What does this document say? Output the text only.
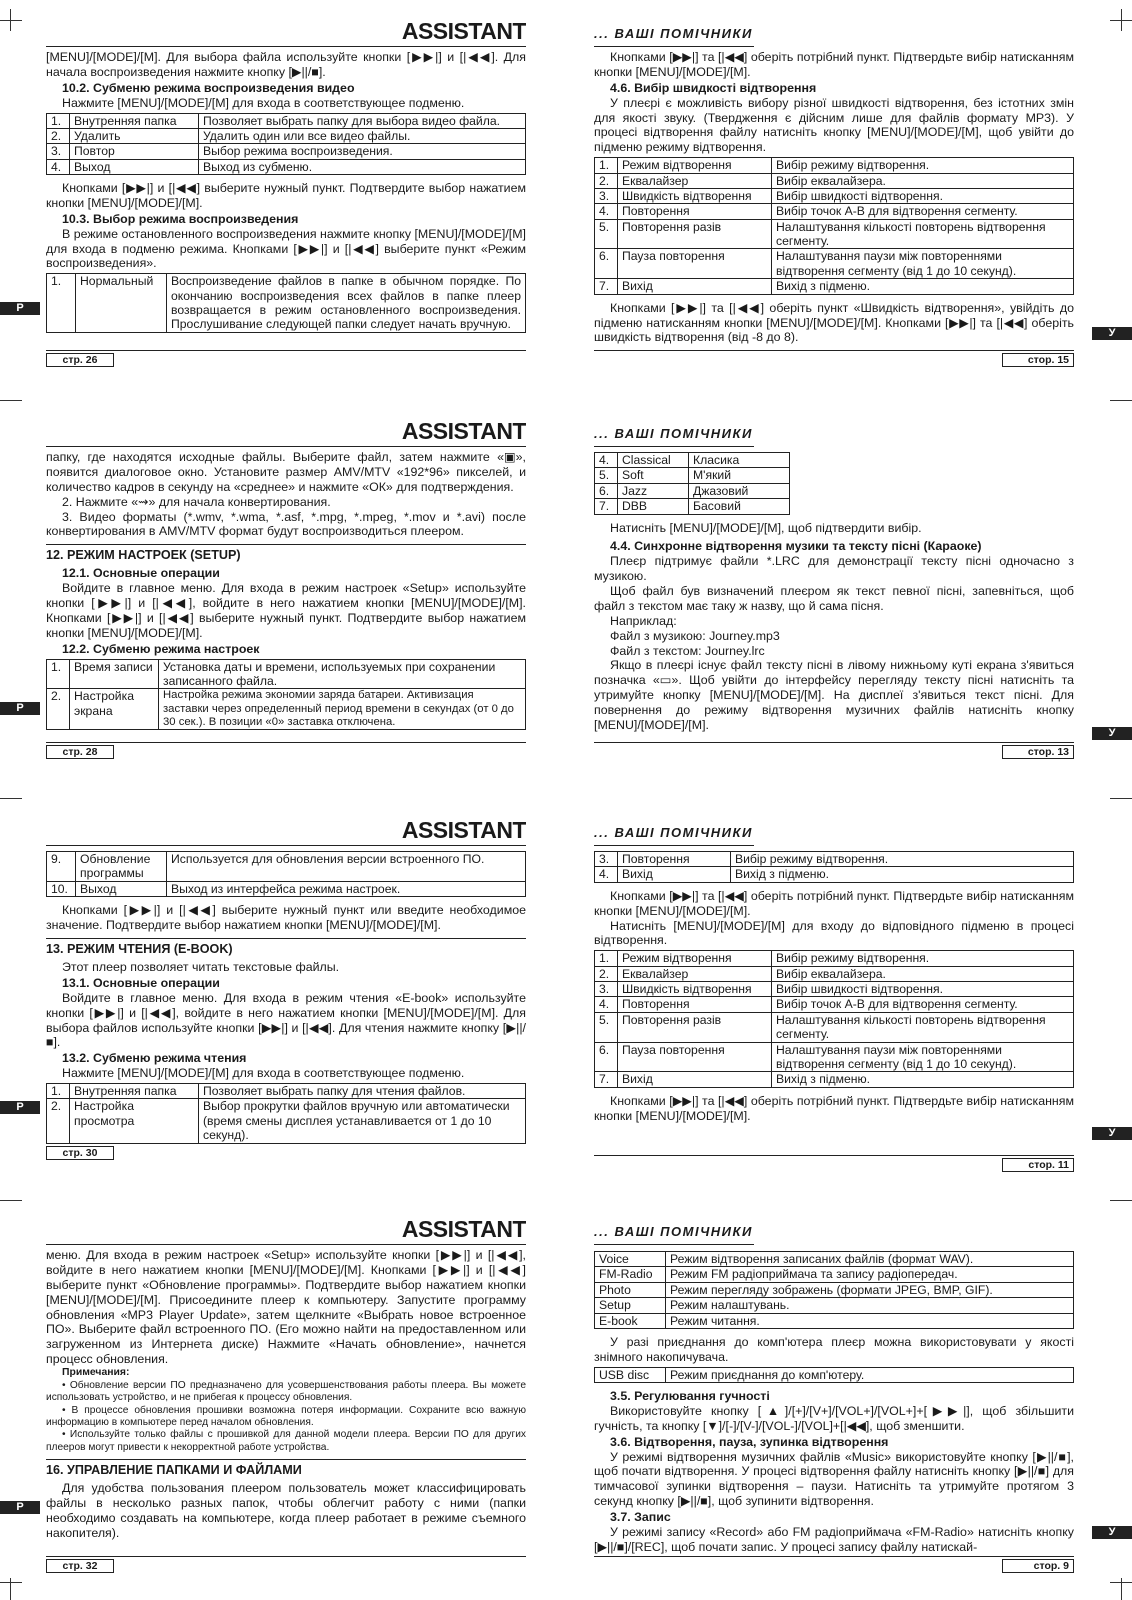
Р
Р
Р
Р
У
У
У
У
ASSISTANT

[MENU]/[MODE]/[M]. Для выбора файла используйте кнопки [▶▶|] и [|◀◀]. Для начала воспроизведения нажмите кнопку [▶||/■].

10.2. Субменю режима воспроизведения видео

Нажмите [MENU]/[MODE]/[M] для входа в соответствующее подменю.

1.	Внутренняя папка	Позволяет выбрать папку для выбора видео файла.
2.	Удалить	Удалить один или все видео файлы.
3.	Повтор	Выбор режима воспроизведения.
4.	Выход	Выход из субменю.

Кнопками [▶▶|] и [|◀◀] выберите нужный пункт. Подтвердите выбор нажатием кнопки [MENU]/[MODE]/[M].

10.3. Выбор режима воспроизведения

В режиме остановленного воспроизведения нажмите кнопку [MENU]/[MODE]/[M] для входа в подменю режима. Кнопками [▶▶|] и [|◀◀] выберите пункт «Режим воспроизведения».

1.	Нормальный	Воспроизведение файлов в папке в обычном порядке. По окончанию воспроизведения всех файлов в папке плеер возвращается в режим остановленного воспроизведения. Прослушивание следующей папки следует начать вручную.
стр. 26
... ВАШІ ПОМІЧНИКИ

Кнопками [▶▶|] та [|◀◀] оберіть потрібний пункт. Підтвердьте вибір натисканням кнопки [MENU]/[MODE]/[M].

4.6. Вибір швидкості відтворення

У плеєрі є можливість вибору різної швидкості відтворення, без істотних змін для якості звуку. (Твердження є дійсним лише для файлів формату MP3). У процесі відтворення файлу натисніть кнопку [MENU]/[MODE]/[M], щоб увійти до підменю режиму відтворення.

1.	Режим відтворення	Вибір режиму відтворення.
2.	Еквалайзер	Вибір еквалайзера.
3.	Швидкість відтворення	Вибір швидкості відтворення.
4.	Повторення	Вибір точок A-B для відтворення сегменту.
5.	Повторення разів	Налаштування кількості повторень відтворення сегменту.
6.	Пауза повторення	Налаштування паузи між повтореннями відтворення сегменту (від 1 до 10 секунд).
7.	Вихід	Вихід з підменю.

Кнопками [▶▶|] та [|◀◀] оберіть пункт «Швидкість відтворення», увійдіть до підменю натисканням кнопки [MENU]/[MODE]/[M]. Кнопками [▶▶|] та [|◀◀] оберіть швидкість відтворення (від -8 до 8).

стор. 15
ASSISTANT

папку, где находятся исходные файлы. Выберите файл, затем нажмите «▣», появится диалоговое окно. Установите размер AMV/MTV «192*96» пикселей, и количество кадров в секунду на «среднее» и нажмите «ОК» для подтверждения.

2. Нажмите «⇝» для начала конвертирования.

3. Видео форматы (*.wmv, *.wma, *.asf, *.mpg, *.mpeg, *.mov и *.avi) после конвертирования в AMV/MTV формат будут воспроизводиться плеером.

12. РЕЖИМ НАСТРОЕК (SETUP)
12.1. Основные операции

Войдите в главное меню. Для входа в режим настроек «Setup» используйте кнопки [▶▶|] и [|◀◀], войдите в него нажатием кнопки [MENU]/[MODE]/[M]. Кнопками [▶▶|] и [|◀◀] выберите нужный пункт. Подтвердите выбор нажатием кнопки [MENU]/[MODE]/[M].

12.2. Субменю режима настроек
1.	Время записи	Установка даты и времени, используемых при сохранении записанного файла.
2.	Настройка экрана	Настройка режима экономии заряда батареи. Активизация заставки через определенный период времени в секундах (от 0 до 30 сек.). В позиции «0» заставка отключена.
стр. 28
... ВАШІ ПОМІЧНИКИ
4.	Classical	Класика
5.	Soft	М'який
6.	Jazz	Джазовий
7.	DBB	Басовий

Натисніть [MENU]/[MODE]/[M], щоб підтвердити вибір.

4.4. Синхронне відтворення музики та тексту пісні (Караоке)

Плеєр підтримує файли *.LRC для демонстрації тексту пісні одночасно з музикою.

Щоб файл був визначений плеєром як текст певної пісні, запевніться, щоб файл з текстом має таку ж назву, що й сама пісня.

Наприклад:

Файл з музикою: Journey.mp3

Файл з текстом: Journey.lrc

Якщо в плеєрі існує файл тексту пісні в лівому нижньому куті екрана з'явиться позначка «▭». Щоб увійти до інтерфейсу перегляду тексту пісні натисніть та утримуйте кнопку [MENU]/[MODE]/[M]. На дисплеї з'явиться текст пісні. Для повернення до режиму відтворення музичних файлів натисніть кнопку [MENU]/[MODE]/[M].

стор. 13
ASSISTANT
9.	Обновление программы	Используется для обновления версии встроенного ПО.
10.	Выход	Выход из интерфейса режима настроек.

Кнопками [▶▶|] и [|◀◀] выберите нужный пункт или введите необходимое значение. Подтвердите выбор нажатием кнопки [MENU]/[MODE]/[M].

13. РЕЖИМ ЧТЕНИЯ (E-BOOK)

Этот плеер позволяет читать текстовые файлы.

13.1. Основные операции

Войдите в главное меню. Для входа в режим чтения «E-book» используйте кнопки [▶▶|] и [|◀◀], войдите в него нажатием кнопки [MENU]/[MODE]/[M]. Для выбора файлов используйте кнопки [▶▶|] и [|◀◀]. Для чтения нажмите кнопку [▶||/■].

13.2. Субменю режима чтения

Нажмите [MENU]/[MODE]/[M] для входа в соответствующее подменю.

1.	Внутренняя папка	Позволяет выбрать папку для чтения файлов.
2.	Настройка просмотра	Выбор прокрутки файлов вручную или автоматически (время смены дисплея устанавливается от 1 до 10 секунд).
стр. 30
... ВАШІ ПОМІЧНИКИ
3.	Повторення	Вибір режиму відтворення.
4.	Вихід	Вихід з підменю.

Кнопками [▶▶|] та [|◀◀] оберіть потрібний пункт. Підтвердьте вибір натисканням кнопки [MENU]/[MODE]/[M].

Натисніть [MENU]/[MODE]/[M] для входу до відповідного підменю в процесі відтворення.

1.	Режим відтворення	Вибір режиму відтворення.
2.	Еквалайзер	Вибір еквалайзера.
3.	Швидкість відтворення	Вибір швидкості відтворення.
4.	Повторення	Вибір точок A-B для відтворення сегменту.
5.	Повторення разів	Налаштування кількості повторень відтворення сегменту.
6.	Пауза повторення	Налаштування паузи між повтореннями відтворення сегменту (від 1 до 10 секунд).
7.	Вихід	Вихід з підменю.

Кнопками [▶▶|] та [|◀◀] оберіть потрібний пункт. Підтвердьте вибір натисканням кнопки [MENU]/[MODE]/[M].

стор. 11
ASSISTANT

меню. Для входа в режим настроек «Setup» используйте кнопки [▶▶|] и [|◀◀], войдите в него нажатием кнопки [MENU]/[MODE]/[M]. Кнопками [▶▶|] и [|◀◀] выберите пункт «Обновление программы». Подтвердите выбор нажатием кнопки [MENU]/[MODE]/[M]. Присоедините плеер к компьютеру. Запустите программу обновления «MP3 Player Update», затем щелкните «Выбрать новое встроенное ПО». Выберите файл встроенного ПО. (Его можно найти на предоставленном или загруженном из Интернета диске) Нажмите «Начать обновление», начнется процесс обновления.

Примечания:

• Обновление версии ПО предназначено для усовершенствования работы плеера. Вы можете использовать устройство, и не прибегая к процессу обновления.

• В процессе обновления прошивки возможна потеря информации. Сохраните всю важную информацию в компьютере перед началом обновления.

• Используйте только файлы с прошивкой для данной модели плеера. Версии ПО для других плееров могут привести к некорректной работе устройства.

16. УПРАВЛЕНИЕ ПАПКАМИ И ФАЙЛАМИ

Для удобства пользования плеером пользователь может классифицировать файлы в несколько разных папок, чтобы облегчит работу с ними (папки необходимо создавать на компьютере, когда плеер работает в режиме съемного накопителя).

стр. 32
... ВАШІ ПОМІЧНИКИ
Voice	Режим відтворення записаних файлів (формат WAV).
FM-Radio	Режим FM радіоприймача та запису радіопередач.
Photo	Режим перегляду зображень (формати JPEG, BMP, GIF).
Setup	Режим налаштувань.
E-book	Режим читання.

У разі приєднання до комп'ютера плеєр можна використовувати у якості знімного накопичувача.

USB disc	Режим приєднання до комп'ютеру.
3.5. Регулювання гучності

Використовуйте кнопку [▲]/[+]/[V+]/[VOL+]/[VOL+]+[▶▶|], щоб збільшити гучність, та кнопку [▼]/[-]/[V-]/[VOL-]/[VOL]+[|◀◀], щоб зменшити.

3.6. Відтворення, пауза, зупинка відтворення

У режимі відтворення музичних файлів «Music» використовуйте кнопку [▶||/■], щоб почати відтворення. У процесі відтворення файлу натисніть кнопку [▶||/■] для тимчасової зупинки відтворення – паузи. Натисніть та утримуйте протягом 3 секунд кнопку [▶||/■], щоб зупинити відтворення.

3.7. Запис

У режимі запису «Record» або FM радіоприймача «FM-Radio» натисніть кнопку [▶||/■]/[REC], щоб почати запис. У процесі запису файлу натискай-

стор. 9
